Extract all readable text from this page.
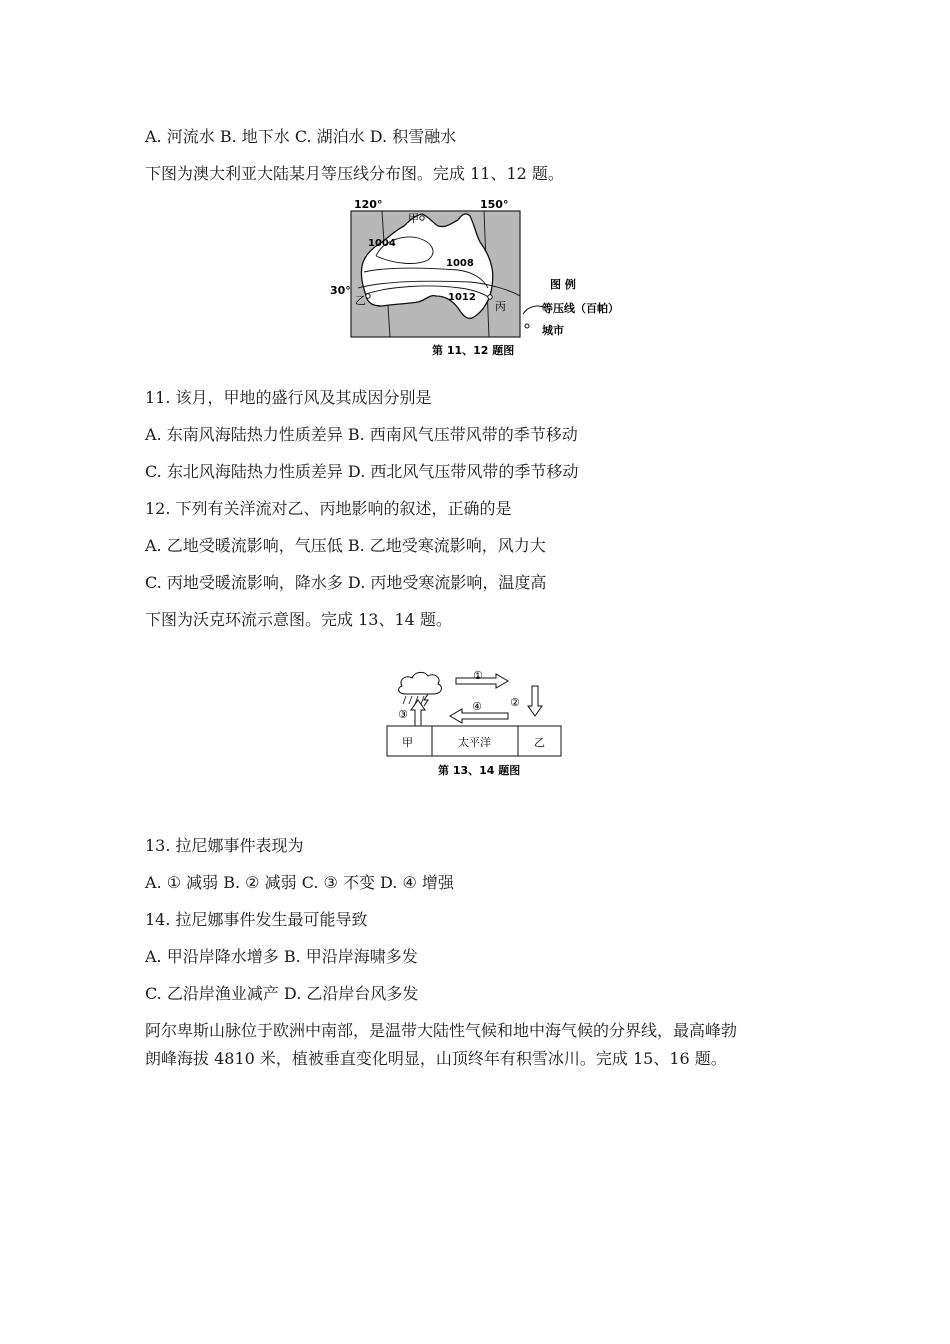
A. 河流水 B. 地下水 C. 湖泊水 D. 积雪融水
下图为澳大利亚大陆某月等压线分布图。完成 11、12 题。
120°	150°
30°
甲
乙	丙
1004
1008
1012
图 例
等压线（百帕）
城市
第 11、12 题图
11. 该月，甲地的盛行风及其成因分别是
A. 东南风海陆热力性质差异 B. 西南风气压带风带的季节移动
C. 东北风海陆热力性质差异 D. 西北风气压带风带的季节移动
12. 下列有关洋流对乙、丙地影响的叙述，正确的是
A. 乙地受暖流影响，气压低 B. 乙地受寒流影响，风力大
C. 丙地受暖流影响，降水多 D. 丙地受寒流影响，温度高
下图为沃克环流示意图。完成 13、14 题。
①
②
④
③
甲	太平洋	乙
第 13、14 题图
13. 拉尼娜事件表现为
A. ① 减弱 B. ② 减弱 C. ③ 不变 D. ④ 增强
14. 拉尼娜事件发生最可能导致
A. 甲沿岸降水增多 B. 甲沿岸海啸多发
C. 乙沿岸渔业减产 D. 乙沿岸台风多发
阿尔卑斯山脉位于欧洲中南部，是温带大陆性气候和地中海气候的分界线，最高峰勃
朗峰海拔 4810 米，植被垂直变化明显，山顶终年有积雪冰川。完成 15、16 题。
